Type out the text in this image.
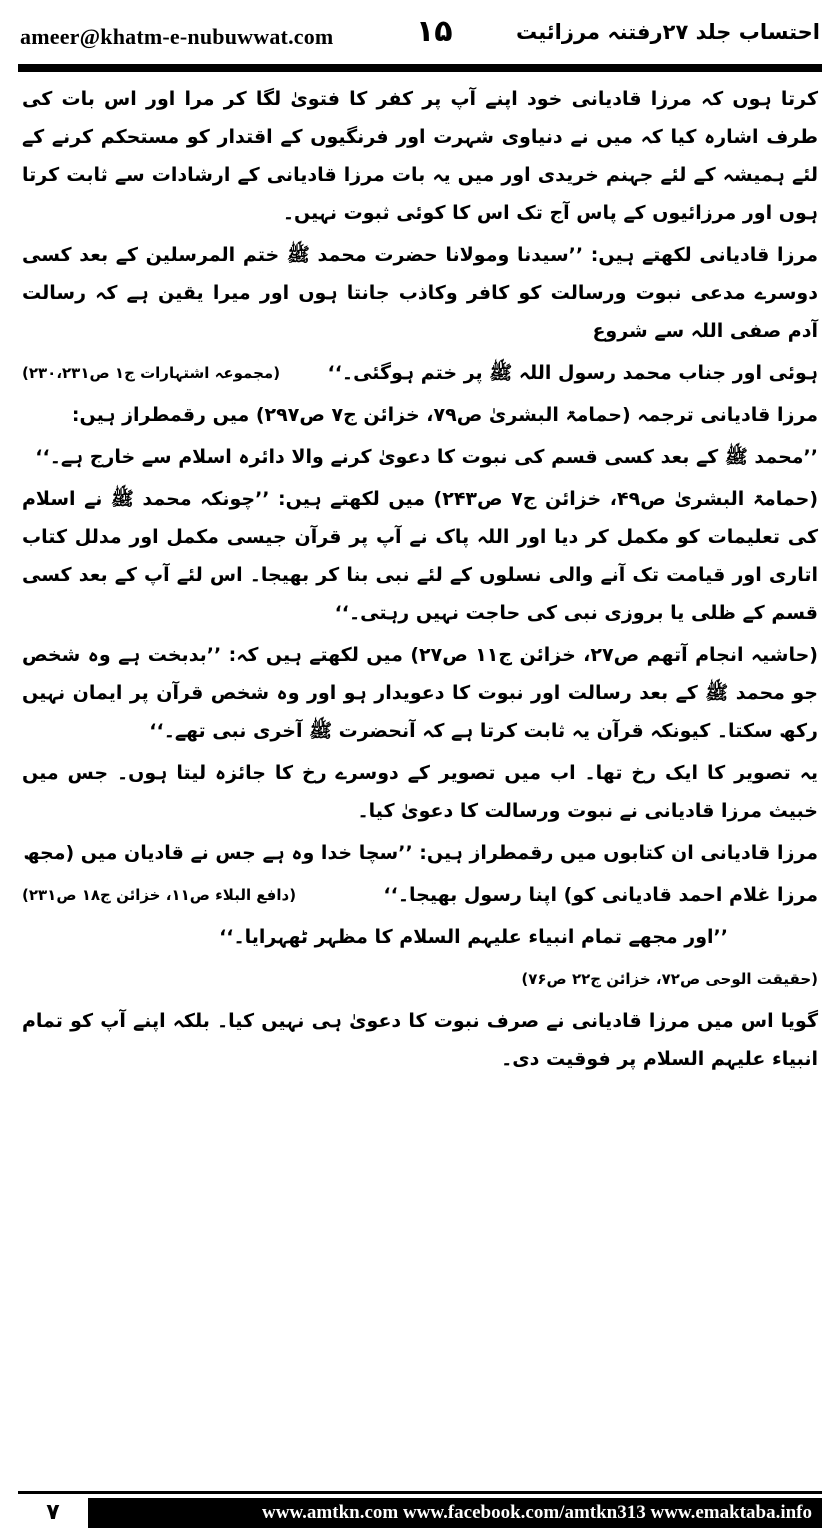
ameer@khatm-e-nubuwwat.com	۱۵	احتساب جلد ۲۷رفتنہ مرزائیت

کرتا ہوں کہ مرزا قادیانی خود اپنے آپ پر کفر کا فتویٰ لگا کر مرا اور اس بات کی طرف اشارہ کیا کہ میں نے دنیاوی شہرت اور فرنگیوں کے اقتدار کو مستحکم کرنے کے لئے ہمیشہ کے لئے جہنم خریدی اور میں یہ بات مرزا قادیانی کے ارشادات سے ثابت کرتا ہوں اور مرزائیوں کے پاس آج تک اس کا کوئی ثبوت نہیں۔

مرزا قادیانی لکھتے ہیں: ’’سیدنا ومولانا حضرت محمد ﷺ ختم المرسلین کے بعد کسی دوسرے مدعی نبوت ورسالت کو کافر وکاذب جانتا ہوں اور میرا یقین ہے کہ رسالت آدم صفی اللہ سے شروع

ہوئی اور جناب محمد رسول اللہ ﷺ پر ختم ہوگئی۔‘‘
(مجموعہ اشتہارات ج۱ ص۲۳۰،۲۳۱)

مرزا قادیانی ترجمہ (حمامۃ البشریٰ ص۷۹، خزائن ج۷ ص۲۹۷) میں رقمطراز ہیں:

’’محمد ﷺ کے بعد کسی قسم کی نبوت کا دعویٰ کرنے والا دائرہ اسلام سے خارج ہے۔‘‘

(حمامۃ البشریٰ ص۴۹، خزائن ج۷ ص۲۴۳) میں لکھتے ہیں: ’’چونکہ محمد ﷺ نے اسلام کی تعلیمات کو مکمل کر دیا اور اللہ پاک نے آپ پر قرآن جیسی مکمل اور مدلل کتاب اتاری اور قیامت تک آنے والی نسلوں کے لئے نبی بنا کر بھیجا۔ اس لئے آپ کے بعد کسی قسم کے ظلی یا بروزی نبی کی حاجت نہیں رہتی۔‘‘

(حاشیہ انجام آتھم ص۲۷، خزائن ج۱۱ ص۲۷) میں لکھتے ہیں کہ: ’’بدبخت ہے وہ شخص جو محمد ﷺ کے بعد رسالت اور نبوت کا دعویدار ہو اور وہ شخص قرآن پر ایمان نہیں رکھ سکتا۔ کیونکہ قرآن یہ ثابت کرتا ہے کہ آنحضرت ﷺ آخری نبی تھے۔‘‘

یہ تصویر کا ایک رخ تھا۔ اب میں تصویر کے دوسرے رخ کا جائزہ لیتا ہوں۔ جس میں خبیث مرزا قادیانی نے نبوت ورسالت کا دعویٰ کیا۔

مرزا قادیانی ان کتابوں میں رقمطراز ہیں: ’’سچا خدا وہ ہے جس نے قادیان میں (مجھ

مرزا غلام احمد قادیانی کو) اپنا رسول بھیجا۔‘‘
(دافع البلاء ص۱۱، خزائن ج۱۸ ص۲۳۱)

’’اور مجھے تمام انبیاء علیہم السلام کا مظہر ٹھہرایا۔‘‘

(حقیقت الوحی ص۷۲، خزائن ج۲۲ ص۷۶)

گویا اس میں مرزا قادیانی نے صرف نبوت کا دعویٰ ہی نہیں کیا۔ بلکہ اپنے آپ کو تمام انبیاء علیہم السلام پر فوقیت دی۔

۷	www.amtkn.com www.facebook.com/amtkn313 www.emaktaba.info
